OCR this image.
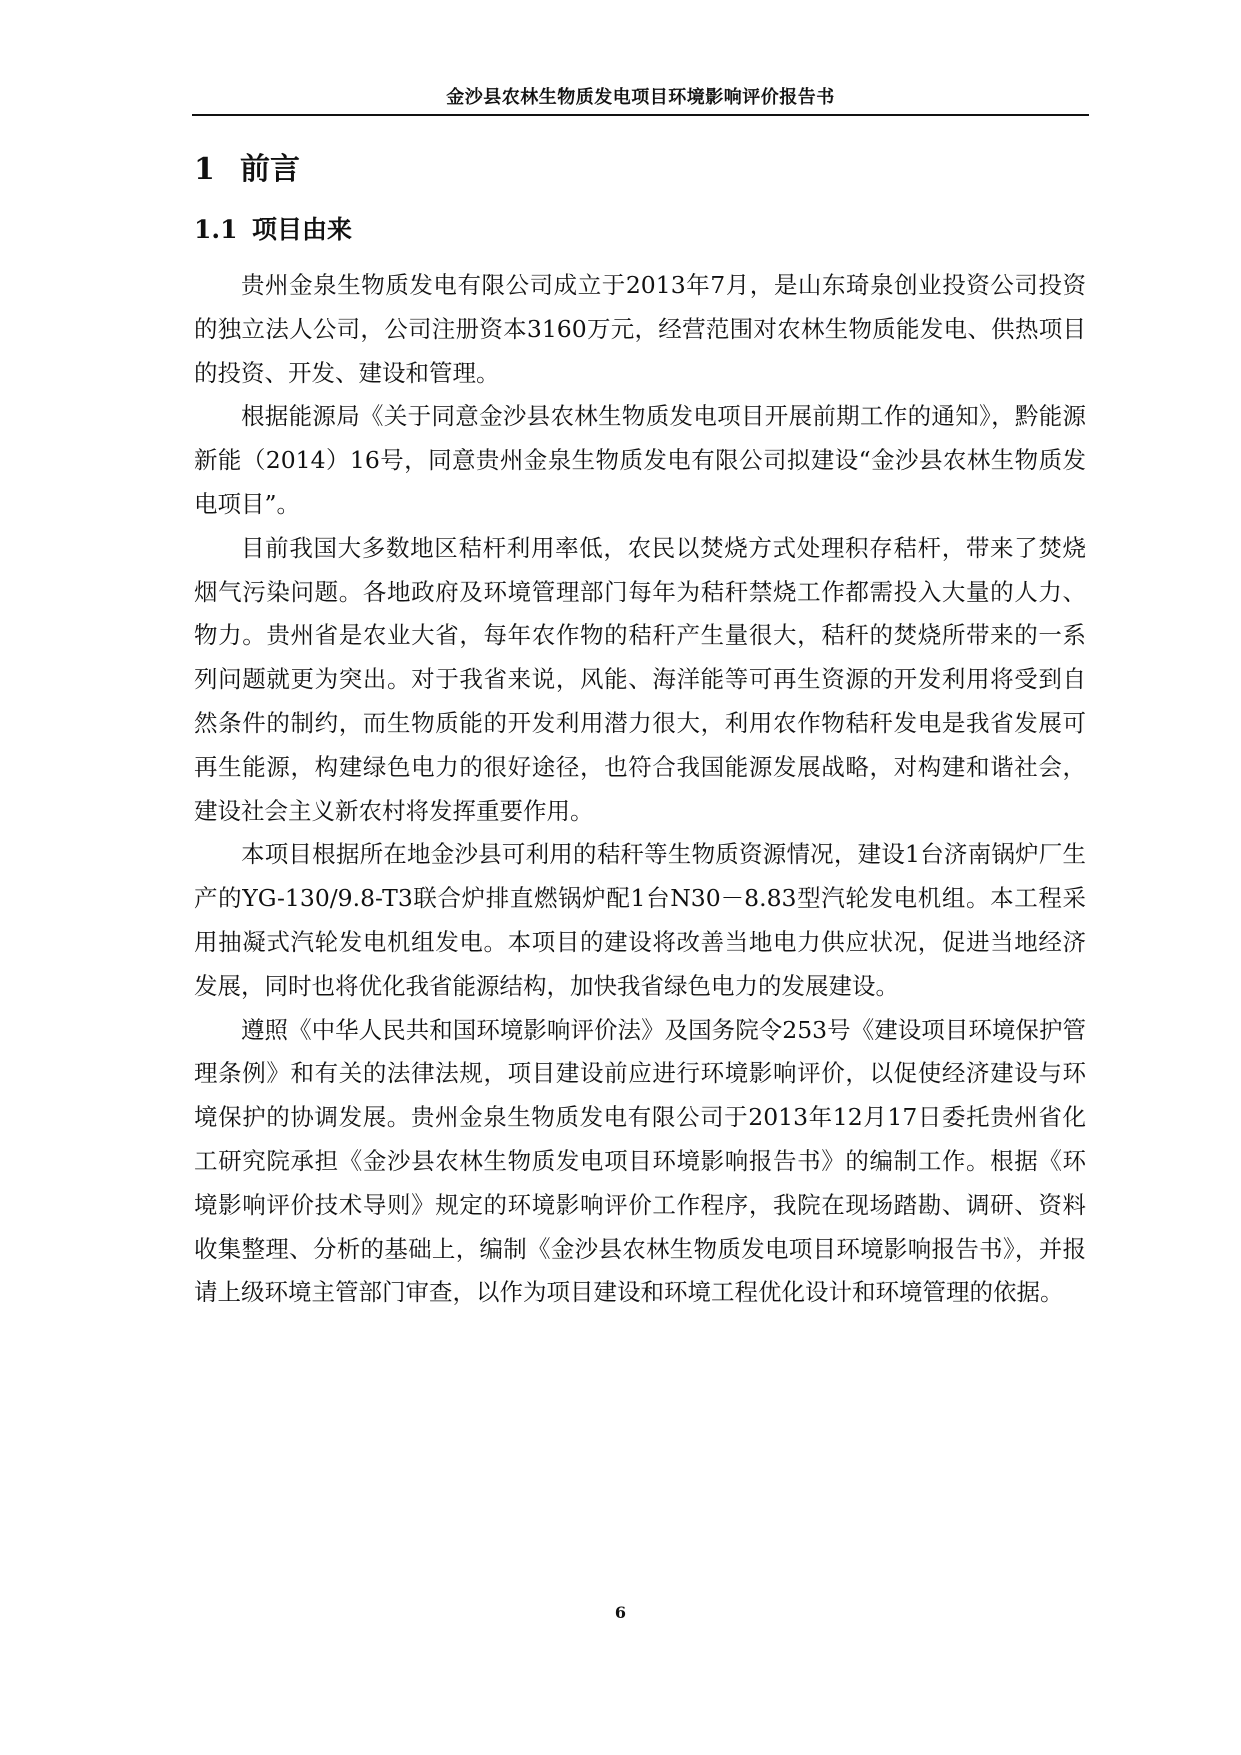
金沙县农林生物质发电项目环境影响评价报告书
1 前言
1.1 项目由来

贵州金泉生物质发电有限公司成立于2013年7月，是山东琦泉创业投资公司投资的独立法人公司，公司注册资本3160万元，经营范围对农林生物质能发电、供热项目的投资、开发、建设和管理。

根据能源局《关于同意金沙县农林生物质发电项目开展前期工作的通知》，黔能源新能（2014）16号，同意贵州金泉生物质发电有限公司拟建设“金沙县农林生物质发电项目”。

目前我国大多数地区秸杆利用率低，农民以焚烧方式处理积存秸杆，带来了焚烧烟气污染问题。各地政府及环境管理部门每年为秸秆禁烧工作都需投入大量的人力、物力。贵州省是农业大省，每年农作物的秸秆产生量很大，秸秆的焚烧所带来的一系列问题就更为突出。对于我省来说，风能、海洋能等可再生资源的开发利用将受到自然条件的制约，而生物质能的开发利用潜力很大，利用农作物秸秆发电是我省发展可再生能源，构建绿色电力的很好途径，也符合我国能源发展战略，对构建和谐社会，建设社会主义新农村将发挥重要作用。

本项目根据所在地金沙县可利用的秸秆等生物质资源情况，建设1台济南锅炉厂生产的YG-130/9.8-T3联合炉排直燃锅炉配1台N30－8.83型汽轮发电机组。本工程采用抽凝式汽轮发电机组发电。本项目的建设将改善当地电力供应状况，促进当地经济发展，同时也将优化我省能源结构，加快我省绿色电力的发展建设。

遵照《中华人民共和国环境影响评价法》及国务院令253号《建设项目环境保护管理条例》和有关的法律法规，项目建设前应进行环境影响评价，以促使经济建设与环境保护的协调发展。贵州金泉生物质发电有限公司于2013年12月17日委托贵州省化工研究院承担《金沙县农林生物质发电项目环境影响报告书》的编制工作。根据《环境影响评价技术导则》规定的环境影响评价工作程序，我院在现场踏勘、调研、资料收集整理、分析的基础上，编制《金沙县农林生物质发电项目环境影响报告书》，并报请上级环境主管部门审查，以作为项目建设和环境工程优化设计和环境管理的依据。

6
